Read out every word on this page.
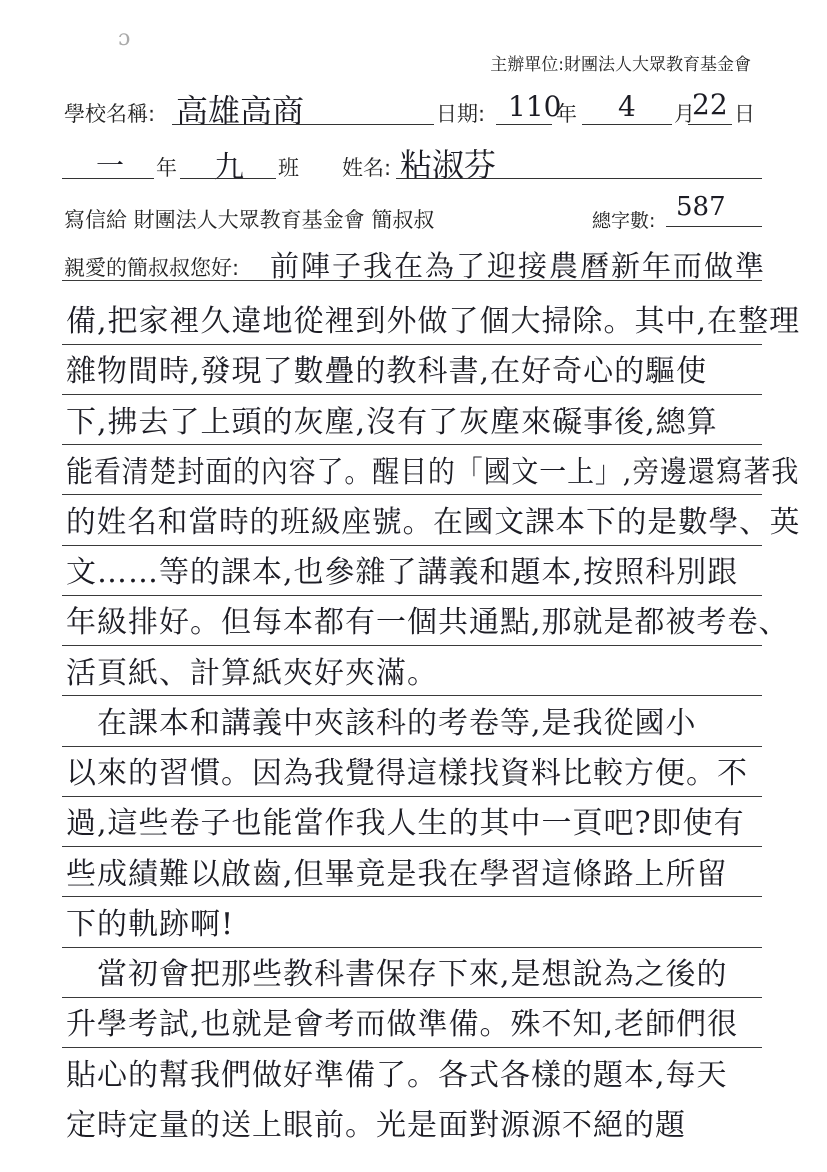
ɔ
主辦單位:財團法人大眾教育基金會
學校名稱: 高雄高商	日期: 110
年 4 月
22 日
一 年 九 班 姓名: 粘淑芬
寫信給 財團法人大眾教育基金會 簡叔叔	總字數: 587
親愛的簡叔叔您好: 前陣子我在為了迎接農曆新年而做準
備,把家裡久違地從裡到外做了個大掃除。其中,在整理
雜物間時,發現了數疊的教科書,在好奇心的驅使
下,拂去了上頭的灰塵,沒有了灰塵來礙事後,總算
能看清楚封面的內容了。醒目的「國文一上」,旁邊還寫著我
的姓名和當時的班級座號。在國文課本下的是數學、英
文……等的課本,也參雜了講義和題本,按照科別跟
年級排好。但每本都有一個共通點,那就是都被考卷、
活頁紙、計算紙夾好夾滿。
　在課本和講義中夾該科的考卷等,是我從國小
以來的習慣。因為我覺得這樣找資料比較方便。不
過,這些卷子也能當作我人生的其中一頁吧?即使有
些成績難以啟齒,但畢竟是我在學習這條路上所留
下的軌跡啊!
　當初會把那些教科書保存下來,是想說為之後的
升學考試,也就是會考而做準備。殊不知,老師們很
貼心的幫我們做好準備了。各式各樣的題本,每天
定時定量的送上眼前。光是面對源源不絕的題
